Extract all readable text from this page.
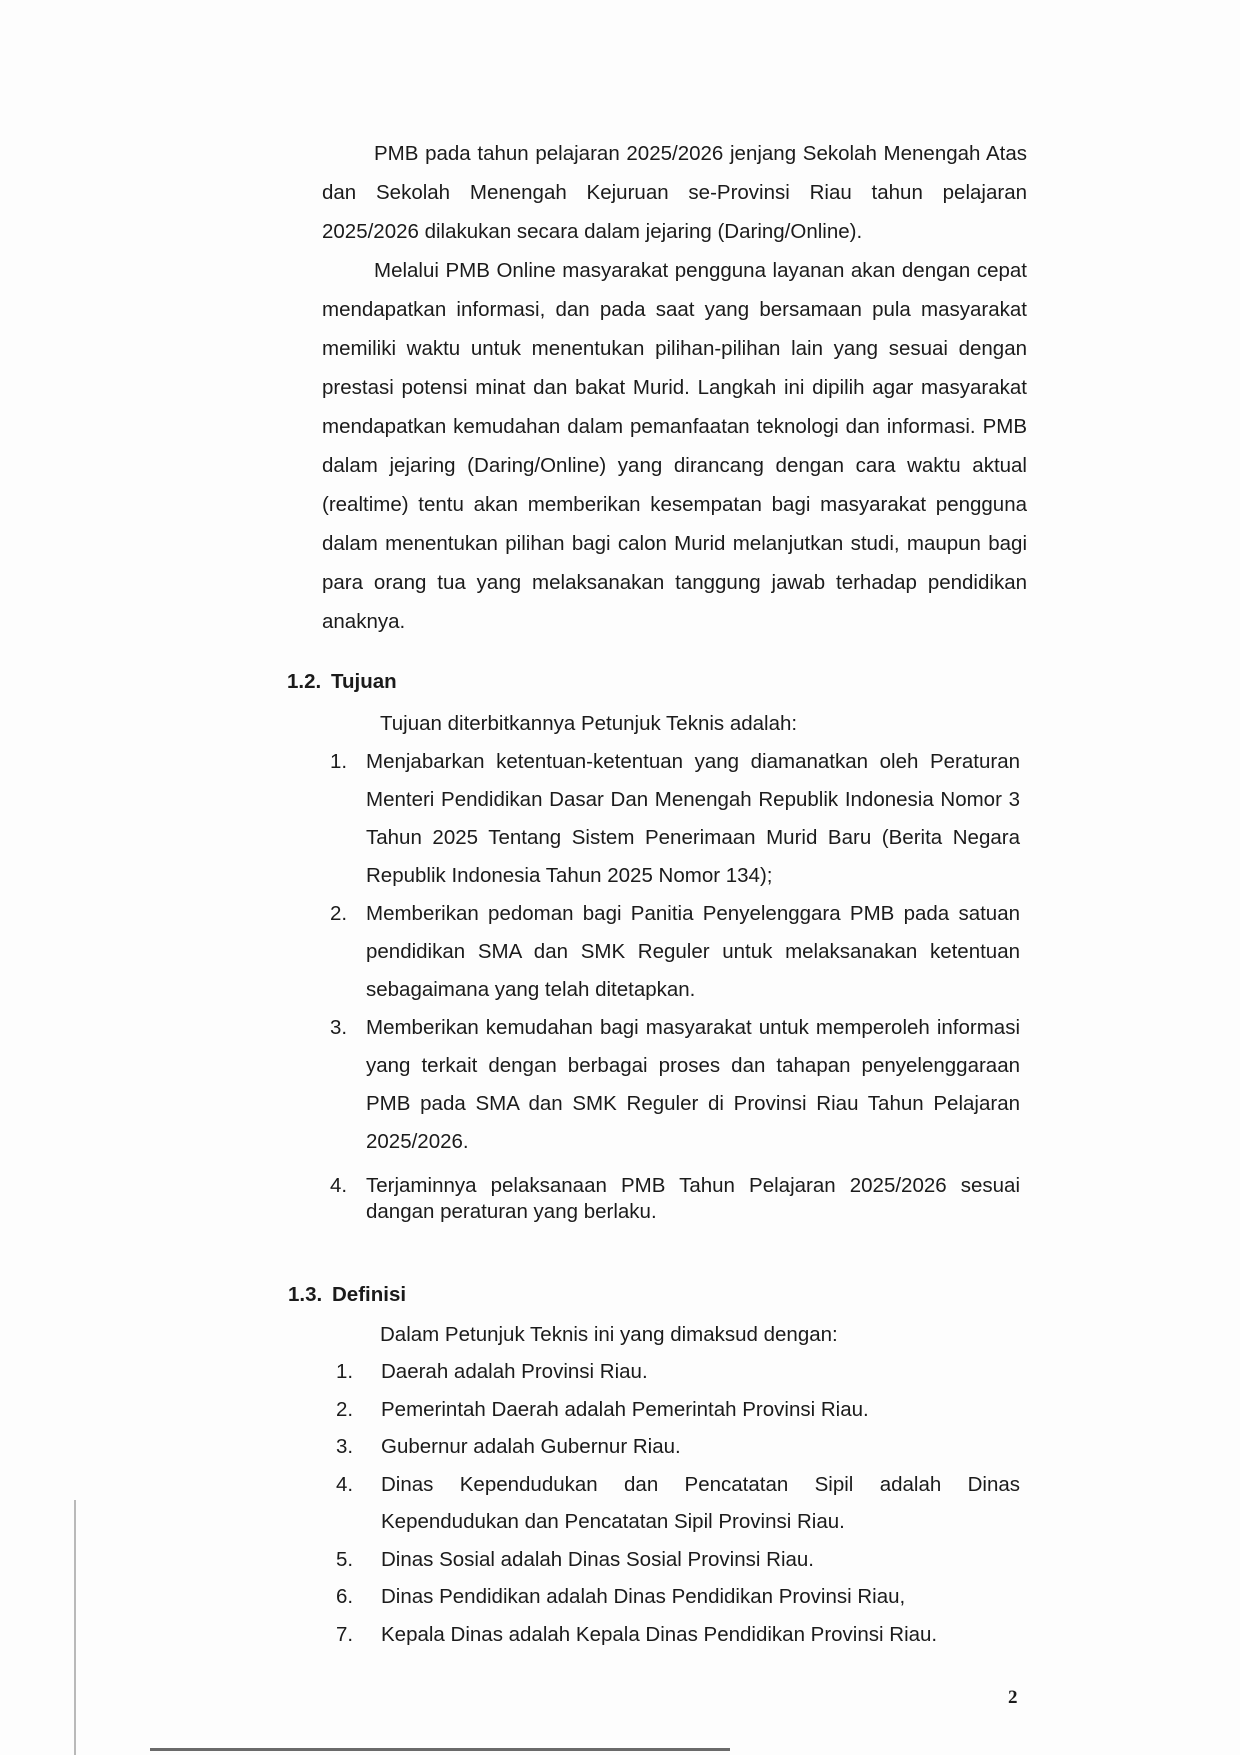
PMB pada tahun pelajaran 2025/2026 jenjang Sekolah Menengah Atas dan Sekolah Menengah Kejuruan se-Provinsi Riau tahun pelajaran 2025/2026 dilakukan secara dalam jejaring (Daring/Online).

Melalui PMB Online masyarakat pengguna layanan akan dengan cepat mendapatkan informasi, dan pada saat yang bersamaan pula masyarakat memiliki waktu untuk menentukan pilihan-pilihan lain yang sesuai dengan prestasi potensi minat dan bakat Murid. Langkah ini dipilih agar masyarakat mendapatkan kemudahan dalam pemanfaatan teknologi dan informasi. PMB dalam jejaring (Daring/Online) yang dirancang dengan cara waktu aktual (realtime) tentu akan memberikan kesempatan bagi masyarakat pengguna dalam menentukan pilihan bagi calon Murid melanjutkan studi, maupun bagi para orang tua yang melaksanakan tanggung jawab terhadap pendidikan anaknya.

1.2. Tujuan

Tujuan diterbitkannya Petunjuk Teknis adalah:

1. Menjabarkan ketentuan-ketentuan yang diamanatkan oleh Peraturan Menteri Pendidikan Dasar Dan Menengah Republik Indonesia Nomor 3 Tahun 2025 Tentang Sistem Penerimaan Murid Baru (Berita Negara Republik Indonesia Tahun 2025 Nomor 134);
2. Memberikan pedoman bagi Panitia Penyelenggara PMB pada satuan pendidikan SMA dan SMK Reguler untuk melaksanakan ketentuan sebagaimana yang telah ditetapkan.
3. Memberikan kemudahan bagi masyarakat untuk memperoleh informasi yang terkait dengan berbagai proses dan tahapan penyelenggaraan PMB pada SMA dan SMK Reguler di Provinsi Riau Tahun Pelajaran 2025/2026.
4. Terjaminnya pelaksanaan PMB Tahun Pelajaran 2025/2026 sesuai dangan peraturan yang berlaku.
1.3. Definisi

Dalam Petunjuk Teknis ini yang dimaksud dengan:

1. Daerah adalah Provinsi Riau.
2. Pemerintah Daerah adalah Pemerintah Provinsi Riau.
3. Gubernur adalah Gubernur Riau.
4. Dinas Kependudukan dan Pencatatan Sipil adalah Dinas Kependudukan dan Pencatatan Sipil Provinsi Riau.
5. Dinas Sosial adalah Dinas Sosial Provinsi Riau.
6. Dinas Pendidikan adalah Dinas Pendidikan Provinsi Riau,
7. Kepala Dinas adalah Kepala Dinas Pendidikan Provinsi Riau.
2
